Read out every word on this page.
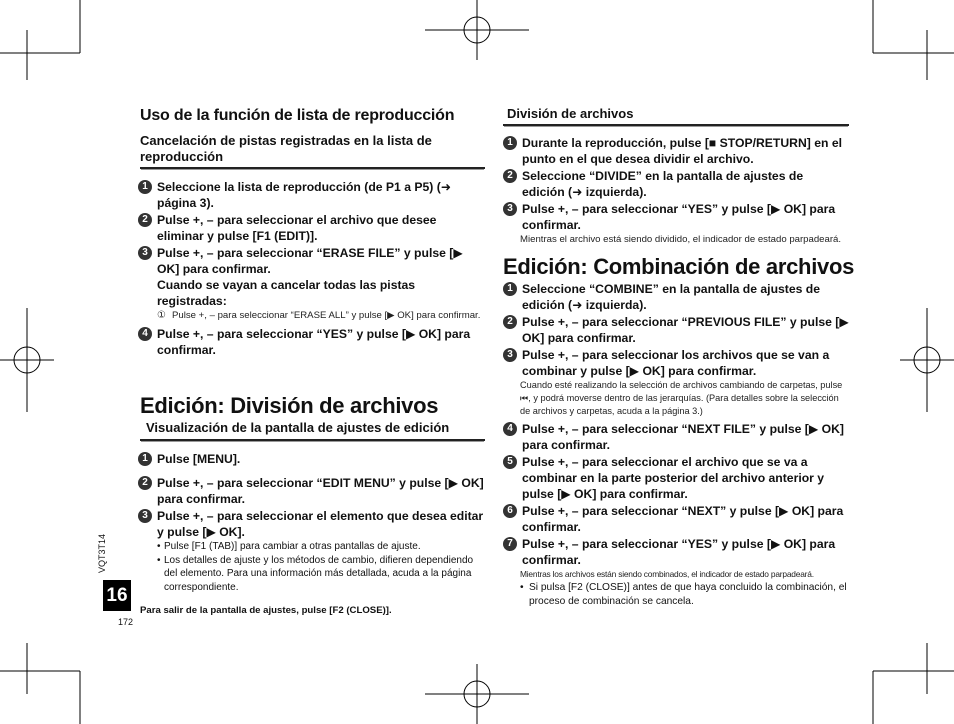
Uso de la función de lista de reproducción
Cancelación de pistas registradas en la lista de reproducción
1 Seleccione la lista de reproducción (de P1 a P5) (➜ página 3).
2 Pulse +, – para seleccionar el archivo que desee eliminar y pulse [F1 (EDIT)].
3 Pulse +, – para seleccionar “ERASE FILE” y pulse [▶ OK] para confirmar.
Cuando se vayan a cancelar todas las pistas registradas:
① Pulse +, – para seleccionar “ERASE ALL” y pulse [▶ OK] para confirmar.
4 Pulse +, – para seleccionar “YES” y pulse [▶ OK] para confirmar.
Edición: División de archivos
Visualización de la pantalla de ajustes de edición
1 Pulse [MENU].
2 Pulse +, – para seleccionar “EDIT MENU” y pulse [▶ OK] para confirmar.
3 Pulse +, – para seleccionar el elemento que desea editar y pulse [▶ OK].
• Pulse [F1 (TAB)] para cambiar a otras pantallas de ajuste.
• Los detalles de ajuste y los métodos de cambio, difieren dependiendo del elemento. Para una información más detallada, acuda a la página correspondiente.
Para salir de la pantalla de ajustes, pulse [F2 (CLOSE)].
División de archivos
1 Durante la reproducción, pulse [■ STOP/RETURN] en el punto en el que desea dividir el archivo.
2 Seleccione “DIVIDE” en la pantalla de ajustes de edición (➜ izquierda).
3 Pulse +, – para seleccionar “YES” y pulse [▶ OK] para confirmar.
Mientras el archivo está siendo dividido, el indicador de estado parpadeará.
Edición: Combinación de archivos
1 Seleccione “COMBINE” en la pantalla de ajustes de edición (➜ izquierda).
2 Pulse +, – para seleccionar “PREVIOUS FILE” y pulse [▶ OK] para confirmar.
3 Pulse +, – para seleccionar los archivos que se van a combinar y pulse [▶ OK] para confirmar.
Cuando esté realizando la selección de archivos cambiando de carpetas, pulse ⏮, y podrá moverse dentro de las jerarquías. (Para detalles sobre la selección de archivos y carpetas, acuda a la página 3.)
4 Pulse +, – para seleccionar “NEXT FILE” y pulse [▶ OK] para confirmar.
5 Pulse +, – para seleccionar el archivo que se va a combinar en la parte posterior del archivo anterior y pulse [▶ OK] para confirmar.
6 Pulse +, – para seleccionar “NEXT” y pulse [▶ OK] para confirmar.
7 Pulse +, – para seleccionar “YES” y pulse [▶ OK] para confirmar.
Mientras los archivos están siendo combinados, el indicador de estado parpadeará.
• Si pulsa [F2 (CLOSE)] antes de que haya concluido la combinación, el proceso de combinación se cancela.
VQT3T14
16
172
